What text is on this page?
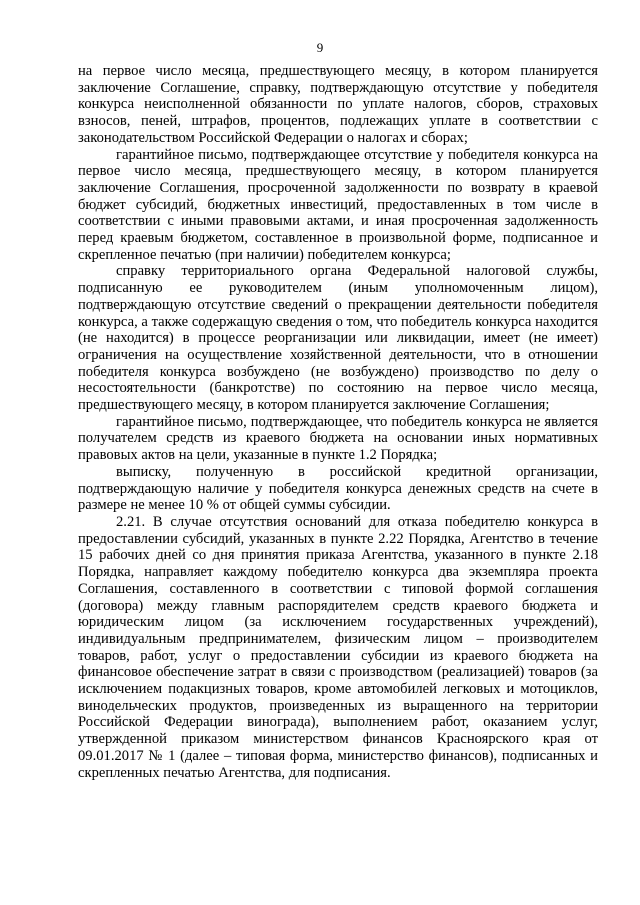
9

на первое число месяца, предшествующего месяцу, в котором планируется заключение Соглашение, справку, подтверждающую отсутствие у победителя конкурса неисполненной обязанности по уплате налогов, сборов, страховых взносов, пеней, штрафов, процентов, подлежащих уплате в соответствии с законодательством Российской Федерации о налогах и сборах;

гарантийное письмо, подтверждающее отсутствие у победителя конкурса на первое число месяца, предшествующего месяцу, в котором планируется заключение Соглашения, просроченной задолженности по возврату в краевой бюджет субсидий, бюджетных инвестиций, предоставленных в том числе в соответствии с иными правовыми актами, и иная просроченная задолженность перед краевым бюджетом, составленное в произвольной форме, подписанное и скрепленное печатью (при наличии) победителем конкурса;

справку территориального органа Федеральной налоговой службы, подписанную ее руководителем (иным уполномоченным лицом), подтверждающую отсутствие сведений о прекращении деятельности победителя конкурса, а также содержащую сведения о том, что победитель конкурса находится (не находится) в процессе реорганизации или ликвидации, имеет (не имеет) ограничения на осуществление хозяйственной деятельности, что в отношении победителя конкурса возбуждено (не возбуждено) производство по делу о несостоятельности (банкротстве) по состоянию на первое число месяца, предшествующего месяцу, в котором планируется заключение Соглашения;

гарантийное письмо, подтверждающее, что победитель конкурса не является получателем средств из краевого бюджета на основании иных нормативных правовых актов на цели, указанные в пункте 1.2 Порядка;

выписку, полученную в российской кредитной организации, подтверждающую наличие у победителя конкурса денежных средств на счете в размере не менее 10 % от общей суммы субсидии.

2.21. В случае отсутствия оснований для отказа победителю конкурса в предоставлении субсидий, указанных в пункте 2.22 Порядка, Агентство в течение 15 рабочих дней со дня принятия приказа Агентства, указанного в пункте 2.18 Порядка, направляет каждому победителю конкурса два экземпляра проекта Соглашения, составленного в соответствии с типовой формой соглашения (договора) между главным распорядителем средств краевого бюджета и юридическим лицом (за исключением государственных учреждений), индивидуальным предпринимателем, физическим лицом – производителем товаров, работ, услуг о предоставлении субсидии из краевого бюджета на финансовое обеспечение затрат в связи с производством (реализацией) товаров (за исключением подакцизных товаров, кроме автомобилей легковых и мотоциклов, винодельческих продуктов, произведенных из выращенного на территории Российской Федерации винограда), выполнением работ, оказанием услуг, утвержденной приказом министерством финансов Красноярского края от 09.01.2017 № 1 (далее – типовая форма, министерство финансов), подписанных и скрепленных печатью Агентства, для подписания.
